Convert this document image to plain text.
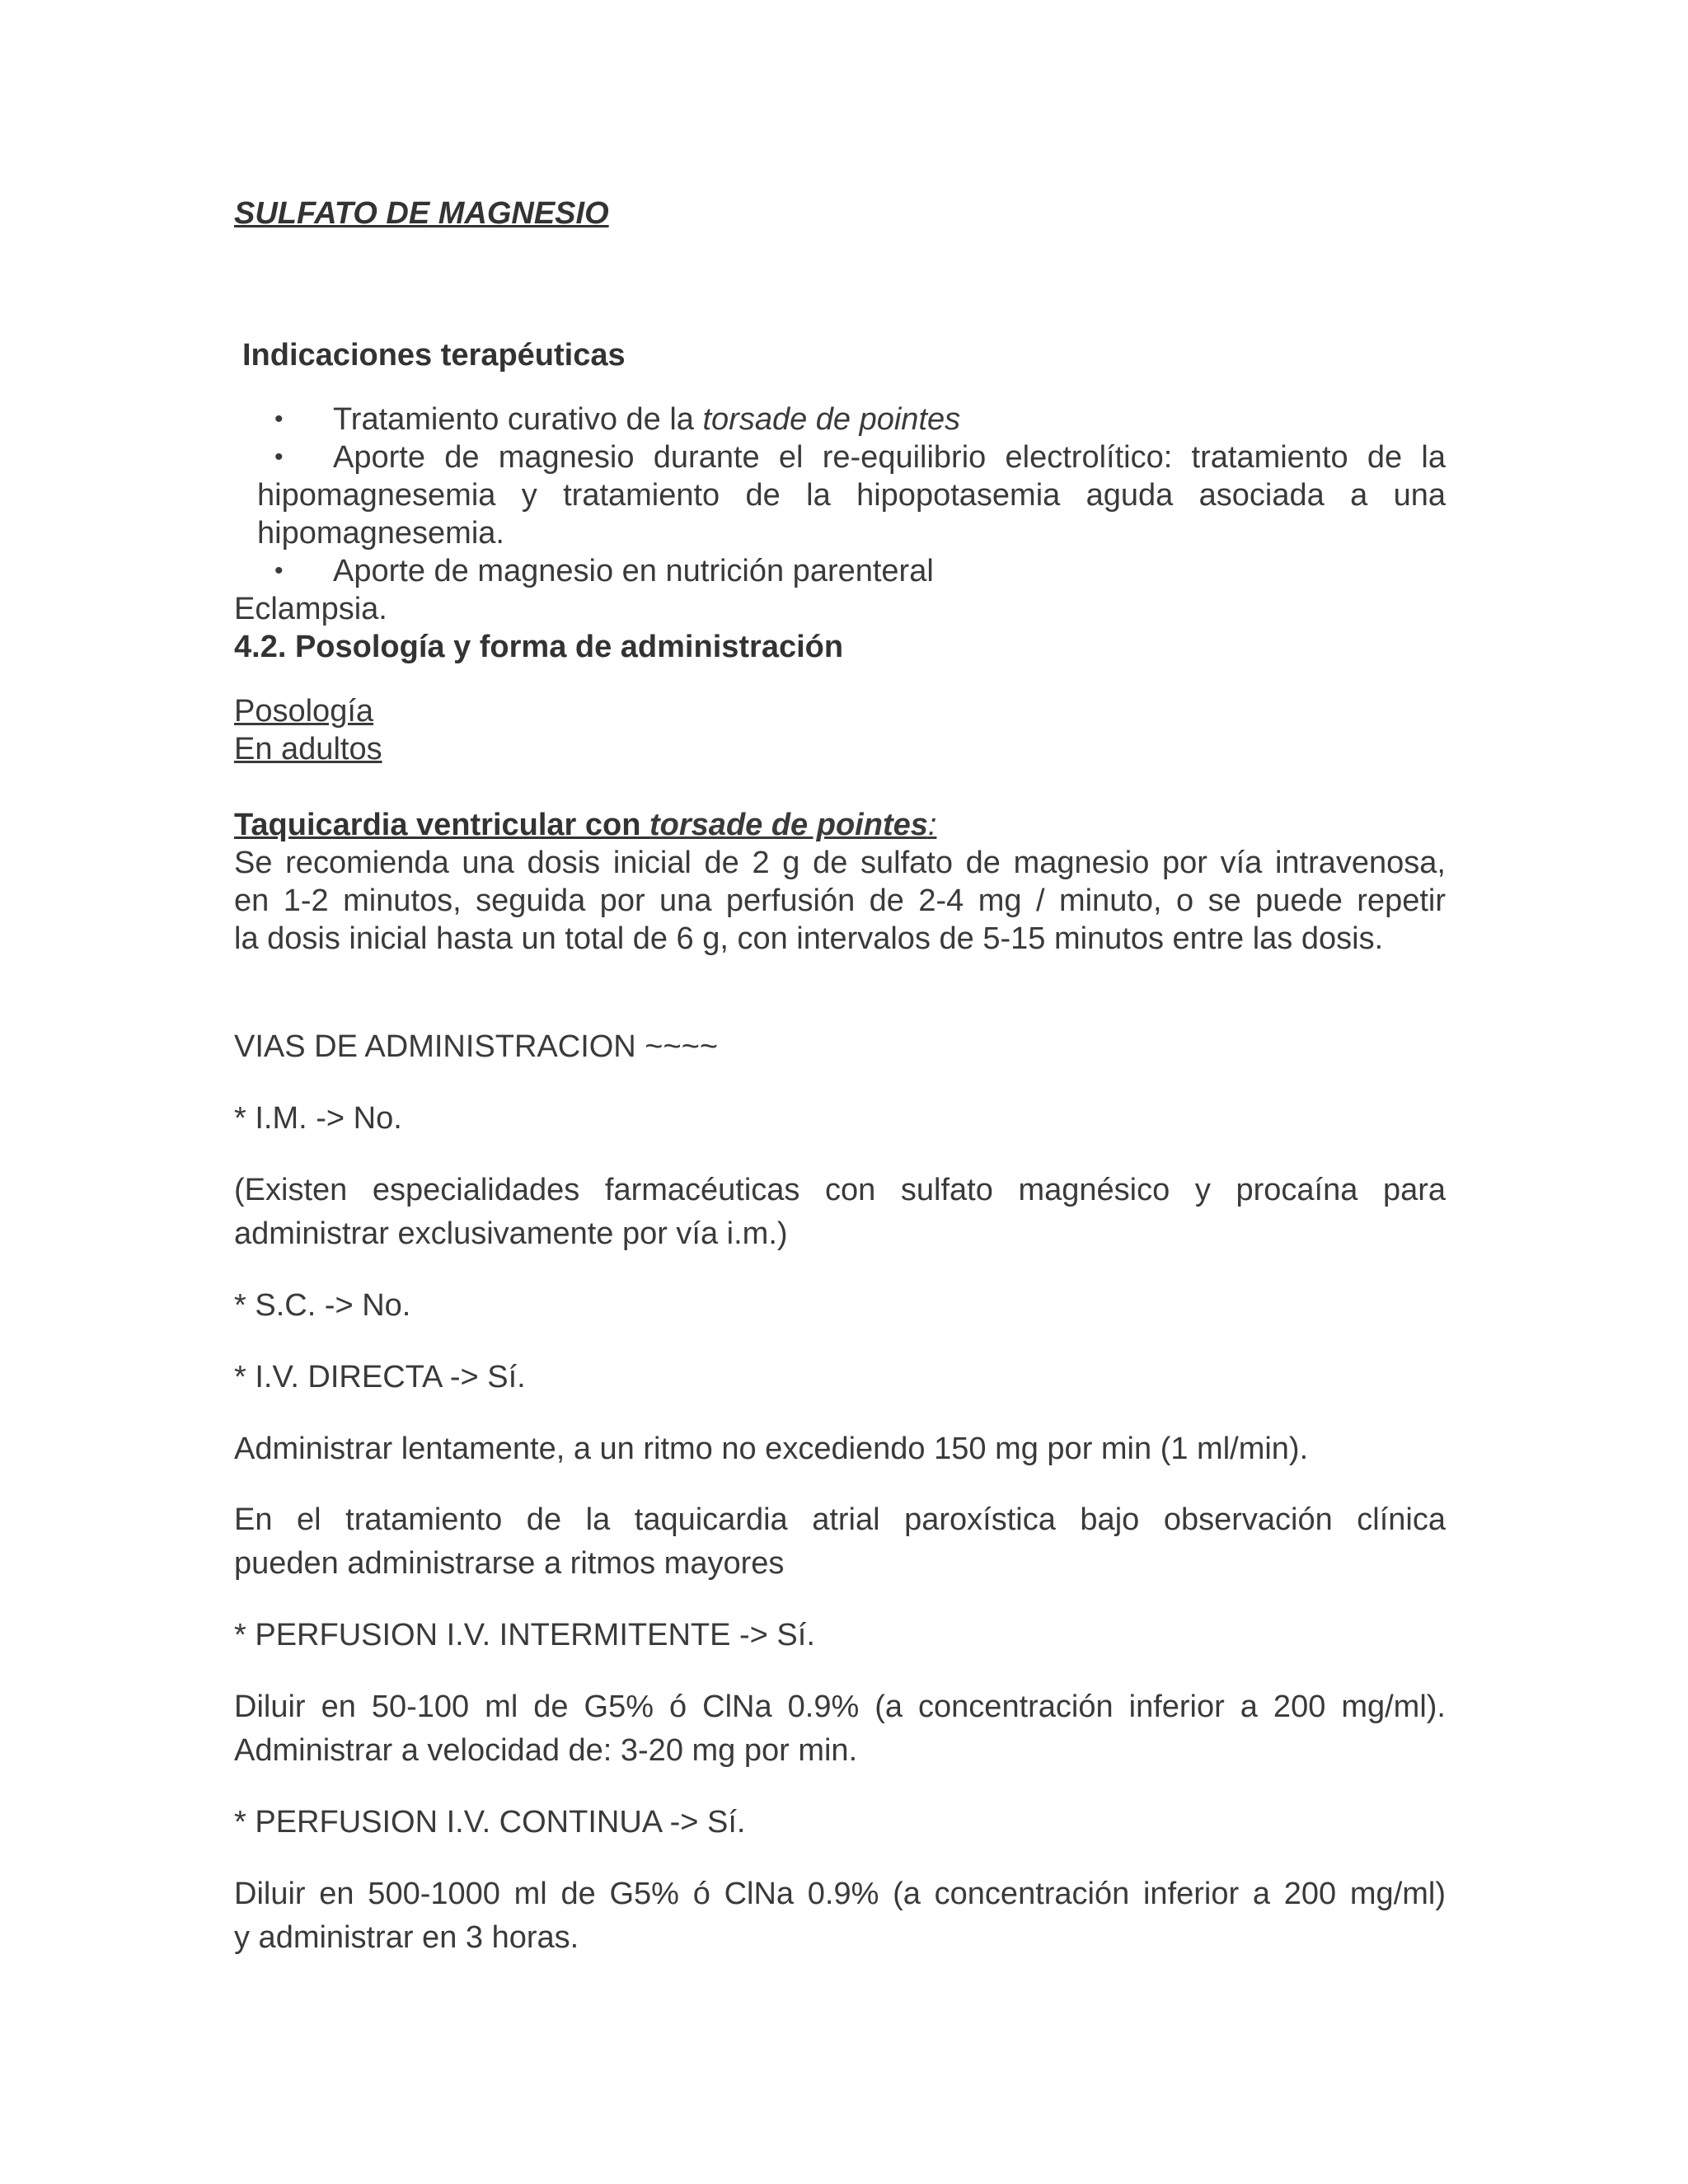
SULFATO DE MAGNESIO

Indicaciones terapéuticas

• Tratamiento curativo de la torsade de pointes

• Aporte de magnesio durante el re-equilibrio electrolítico: tratamiento de la

hipomagnesemia y tratamiento de la hipopotasemia aguda asociada a una

hipomagnesemia.

• Aporte de magnesio en nutrición parenteral

Eclampsia.

4.2. Posología y forma de administración

Posología

En adultos

Taquicardia ventricular con torsade de pointes:

Se recomienda una dosis inicial de 2 g de sulfato de magnesio por vía intravenosa,

en 1-2 minutos, seguida por una perfusión de 2-4 mg / minuto, o se puede repetir

la dosis inicial hasta un total de 6 g, con intervalos de 5-15 minutos entre las dosis.

VIAS DE ADMINISTRACION ~~~~

* I.M. -> No.

(Existen especialidades farmacéuticas con sulfato magnésico y procaína para

administrar exclusivamente por vía i.m.)

* S.C. -> No.

* I.V. DIRECTA -> Sí.

Administrar lentamente, a un ritmo no excediendo 150 mg por min (1 ml/min).

En el tratamiento de la taquicardia atrial paroxística bajo observación clínica

pueden administrarse a ritmos mayores

* PERFUSION I.V. INTERMITENTE -> Sí.

Diluir en 50-100 ml de G5% ó ClNa 0.9% (a concentración inferior a 200 mg/ml).

Administrar a velocidad de: 3-20 mg por min.

* PERFUSION I.V. CONTINUA -> Sí.

Diluir en 500-1000 ml de G5% ó ClNa 0.9% (a concentración inferior a 200 mg/ml)

y administrar en 3 horas.
